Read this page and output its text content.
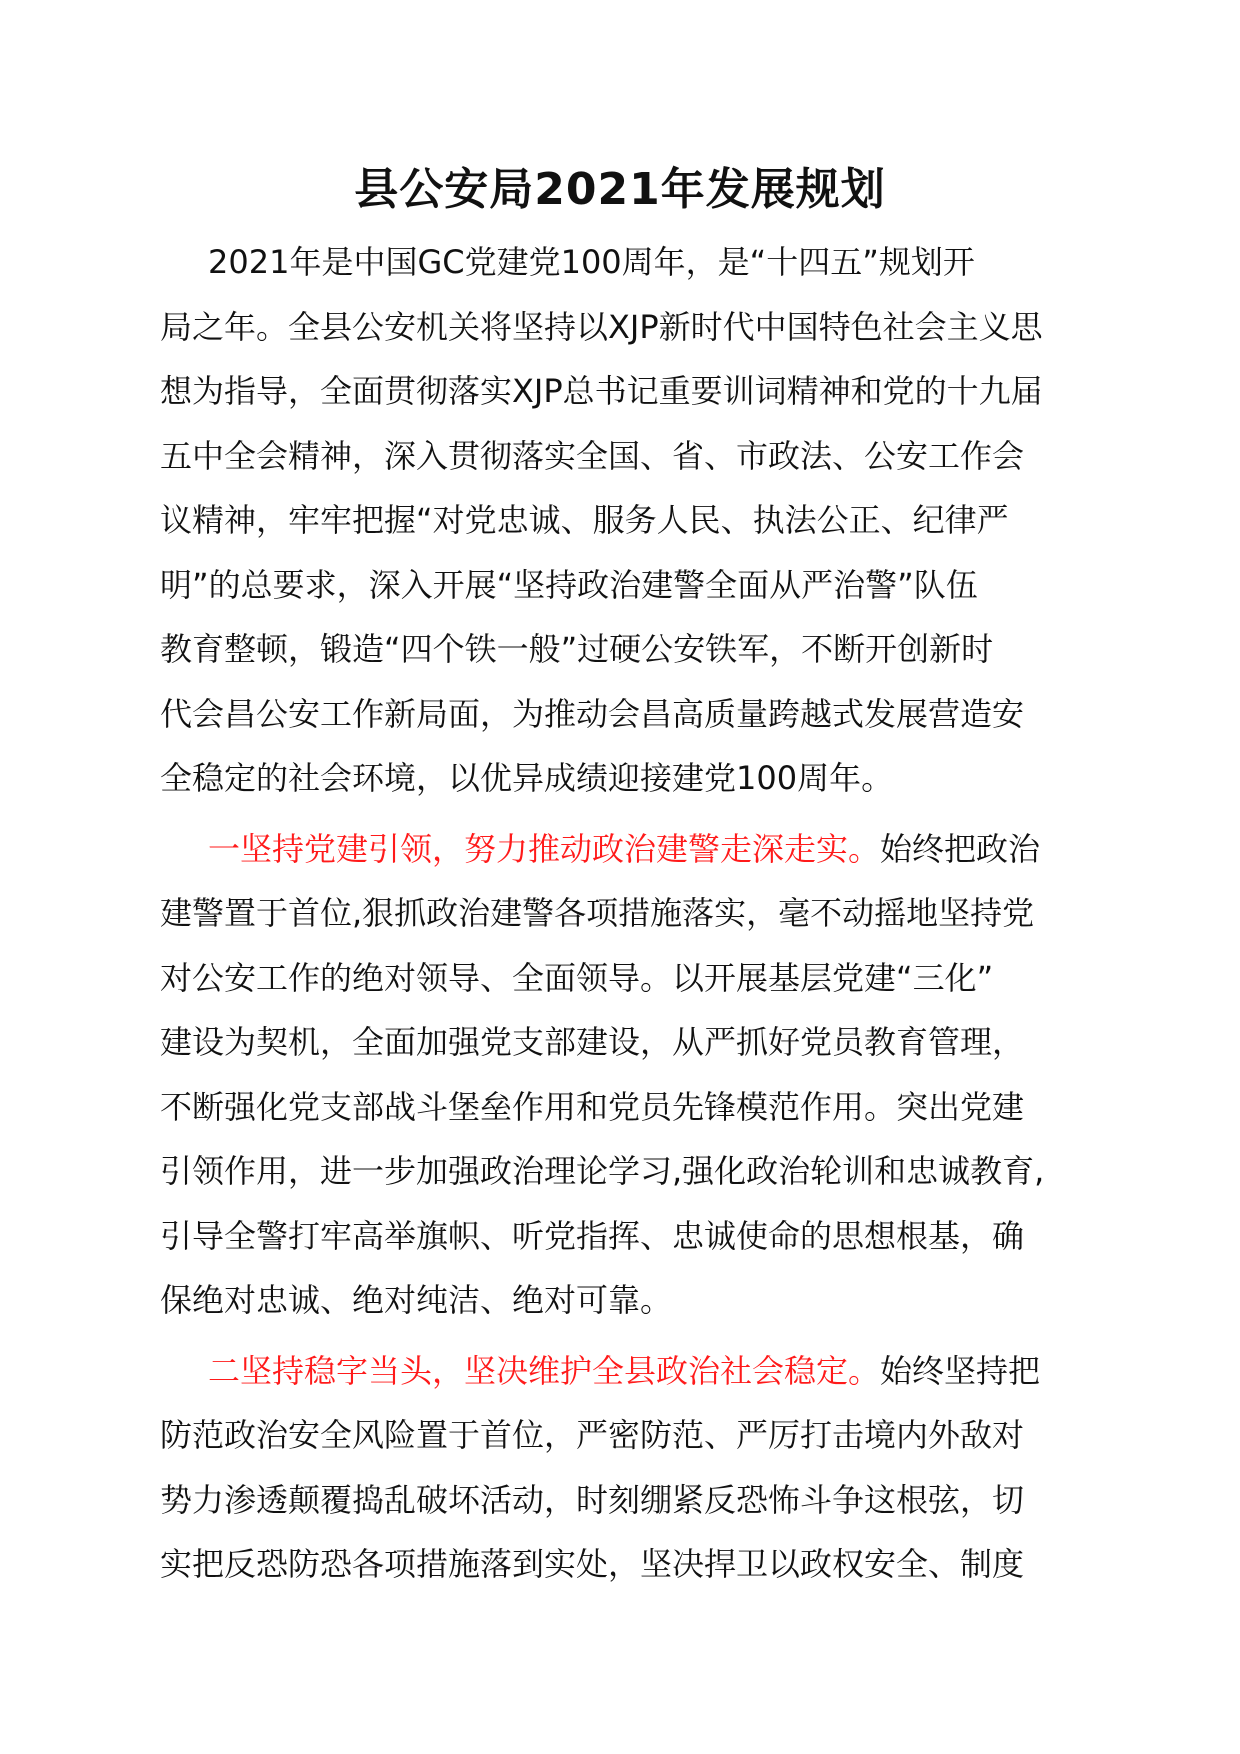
县公安局2021年发展规划
2021年是中国GC党建党100周年，是“十四五”规划开
局之年。全县公安机关将坚持以XJP新时代中国特色社会主义思
想为指导，全面贯彻落实XJP总书记重要训词精神和党的十九届
五中全会精神，深入贯彻落实全国、省、市政法、公安工作会
议精神，牢牢把握“对党忠诚、服务人民、执法公正、纪律严
明”的总要求，深入开展“坚持政治建警全面从严治警”队伍
教育整顿，锻造“四个铁一般”过硬公安铁军，不断开创新时
代会昌公安工作新局面，为推动会昌高质量跨越式发展营造安
全稳定的社会环境，以优异成绩迎接建党100周年。
一坚持党建引领，努力推动政治建警走深走实。始终把政治
建警置于首位,狠抓政治建警各项措施落实，毫不动摇地坚持党
对公安工作的绝对领导、全面领导。以开展基层党建“三化”
建设为契机，全面加强党支部建设，从严抓好党员教育管理，
不断强化党支部战斗堡垒作用和党员先锋模范作用。突出党建
引领作用，进一步加强政治理论学习,强化政治轮训和忠诚教育,
引导全警打牢高举旗帜、听党指挥、忠诚使命的思想根基，确
保绝对忠诚、绝对纯洁、绝对可靠。
二坚持稳字当头，坚决维护全县政治社会稳定。始终坚持把
防范政治安全风险置于首位，严密防范、严厉打击境内外敌对
势力渗透颠覆捣乱破坏活动，时刻绷紧反恐怖斗争这根弦，切
实把反恐防恐各项措施落到实处，坚决捍卫以政权安全、制度
